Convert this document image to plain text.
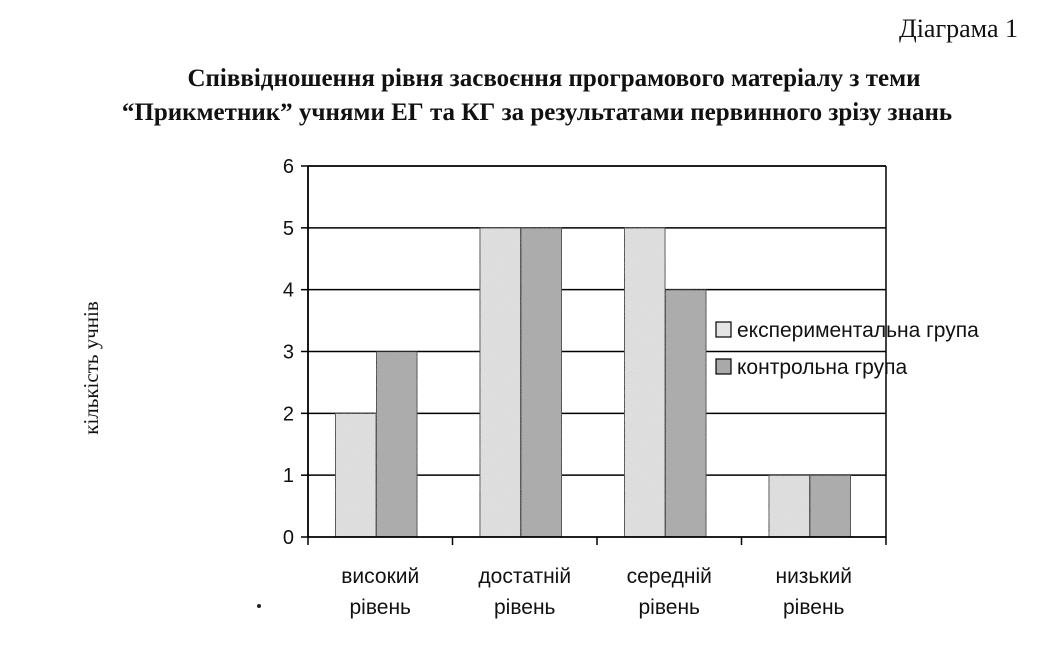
Діаграма 1
Співвідношення рівня засвоєння програмового матеріалу з теми
“Прикметник” учнями ЕГ та КГ за результатами первинного зрізу знань
0
1
2
3
4
5
6
високий
рівень
достатній
рівень
середній
рівень
низький
рівень
експериментальна група
контрольна група
кількість учнів
